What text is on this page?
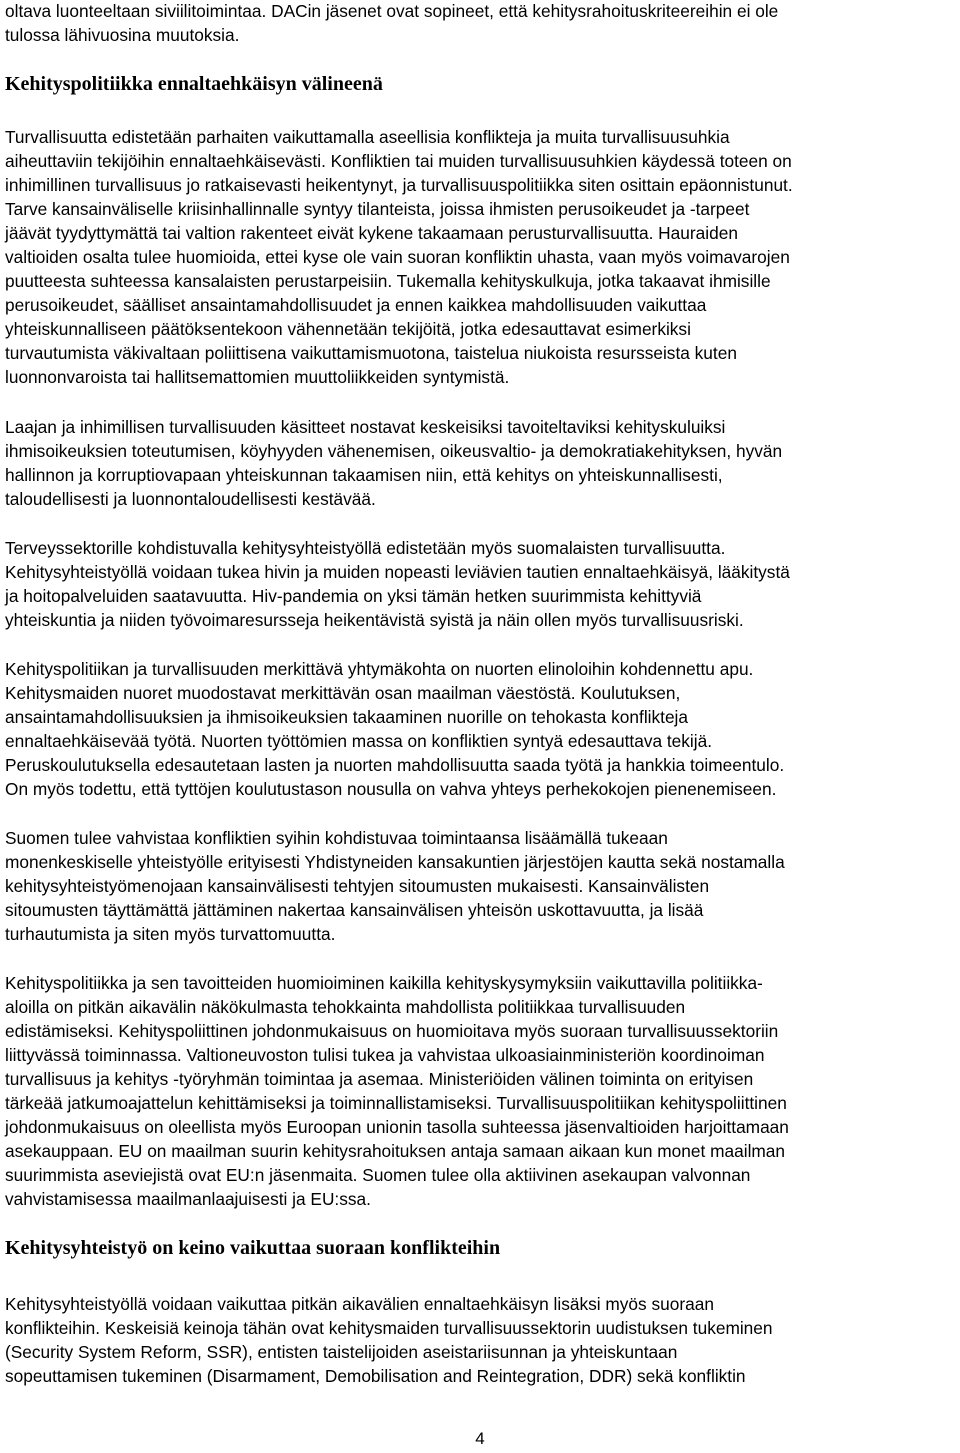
oltava luonteeltaan siviilitoimintaa. DACin jäsenet ovat sopineet, että kehitysrahoituskriteereihin ei ole
tulossa lähivuosina muutoksia.
Kehityspolitiikka ennaltaehkäisyn välineenä
Turvallisuutta edistetään parhaiten vaikuttamalla aseellisia konflikteja ja muita turvallisuusuhkia
aiheuttaviin tekijöihin ennaltaehkäisevästi. Konfliktien tai muiden turvallisuusuhkien käydessä toteen on
inhimillinen turvallisuus jo ratkaisevasti heikentynyt, ja turvallisuuspolitiikka siten osittain epäonnistunut.
Tarve kansainväliselle kriisinhallinnalle syntyy tilanteista, joissa ihmisten perusoikeudet ja -tarpeet
jäävät tyydyttymättä tai valtion rakenteet eivät kykene takaamaan perusturvallisuutta. Hauraiden
valtioiden osalta tulee huomioida, ettei kyse ole vain suoran konfliktin uhasta, vaan myös voimavarojen
puutteesta suhteessa kansalaisten perustarpeisiin. Tukemalla kehityskulkuja, jotka takaavat ihmisille
perusoikeudet, säälliset ansaintamahdollisuudet ja ennen kaikkea mahdollisuuden vaikuttaa
yhteiskunnalliseen päätöksentekoon vähennetään tekijöitä, jotka edesauttavat esimerkiksi
turvautumista väkivaltaan poliittisena vaikuttamismuotona, taistelua niukoista resursseista kuten
luonnonvaroista tai hallitsemattomien muuttoliikkeiden syntymistä.
Laajan ja inhimillisen turvallisuuden käsitteet nostavat keskeisiksi tavoiteltaviksi kehityskuluiksi
ihmisoikeuksien toteutumisen, köyhyyden vähenemisen, oikeusvaltio- ja demokratiakehityksen, hyvän
hallinnon ja korruptiovapaan yhteiskunnan takaamisen niin, että kehitys on yhteiskunnallisesti,
taloudellisesti ja luonnontaloudellisesti kestävää.
Terveyssektorille kohdistuvalla kehitysyhteistyöllä edistetään myös suomalaisten turvallisuutta.
Kehitysyhteistyöllä voidaan tukea hivin ja muiden nopeasti leviävien tautien ennaltaehkäisyä, lääkitystä
ja hoitopalveluiden saatavuutta. Hiv-pandemia on yksi tämän hetken suurimmista kehittyviä
yhteiskuntia ja niiden työvoimaresursseja heikentävistä syistä ja näin ollen myös turvallisuusriski.
Kehityspolitiikan ja turvallisuuden merkittävä yhtymäkohta on nuorten elinoloihin kohdennettu apu.
Kehitysmaiden nuoret muodostavat merkittävän osan maailman väestöstä. Koulutuksen,
ansaintamahdollisuuksien ja ihmisoikeuksien takaaminen nuorille on tehokasta konflikteja
ennaltaehkäisevää työtä. Nuorten työttömien massa on konfliktien syntyä edesauttava tekijä.
Peruskoulutuksella edesautetaan lasten ja nuorten mahdollisuutta saada työtä ja hankkia toimeentulo.
On myös todettu, että tyttöjen koulutustason nousulla on vahva yhteys perhekokojen pienenemiseen.
Suomen tulee vahvistaa konfliktien syihin kohdistuvaa toimintaansa lisäämällä tukeaan
monenkeskiselle yhteistyölle erityisesti Yhdistyneiden kansakuntien järjestöjen kautta sekä nostamalla
kehitysyhteistyömenojaan kansainvälisesti tehtyjen sitoumusten mukaisesti. Kansainvälisten
sitoumusten täyttämättä jättäminen nakertaa kansainvälisen yhteisön uskottavuutta, ja lisää
turhautumista ja siten myös turvattomuutta.
Kehityspolitiikka ja sen tavoitteiden huomioiminen kaikilla kehityskysymyksiin vaikuttavilla politiikka-
aloilla on pitkän aikavälin näkökulmasta tehokkainta mahdollista politiikkaa turvallisuuden
edistämiseksi. Kehityspoliittinen johdonmukaisuus on huomioitava myös suoraan turvallisuussektoriin
liittyvässä toiminnassa. Valtioneuvoston tulisi tukea ja vahvistaa ulkoasiainministeriön koordinoiman
turvallisuus ja kehitys -työryhmän toimintaa ja asemaa. Ministeriöiden välinen toiminta on erityisen
tärkeää jatkumoajattelun kehittämiseksi ja toiminnallistamiseksi. Turvallisuuspolitiikan kehityspoliittinen
johdonmukaisuus on oleellista myös Euroopan unionin tasolla suhteessa jäsenvaltioiden harjoittamaan
asekauppaan. EU on maailman suurin kehitysrahoituksen antaja samaan aikaan kun monet maailman
suurimmista aseviejistä ovat EU:n jäsenmaita. Suomen tulee olla aktiivinen asekaupan valvonnan
vahvistamisessa maailmanlaajuisesti ja EU:ssa.
Kehitysyhteistyö on keino vaikuttaa suoraan konflikteihin
Kehitysyhteistyöllä voidaan vaikuttaa pitkän aikavälien ennaltaehkäisyn lisäksi myös suoraan
konflikteihin. Keskeisiä keinoja tähän ovat kehitysmaiden turvallisuussektorin uudistuksen tukeminen
(Security System Reform, SSR), entisten taistelijoiden aseistariisunnan ja yhteiskuntaan
sopeuttamisen tukeminen (Disarmament, Demobilisation and Reintegration, DDR) sekä konfliktin
4
